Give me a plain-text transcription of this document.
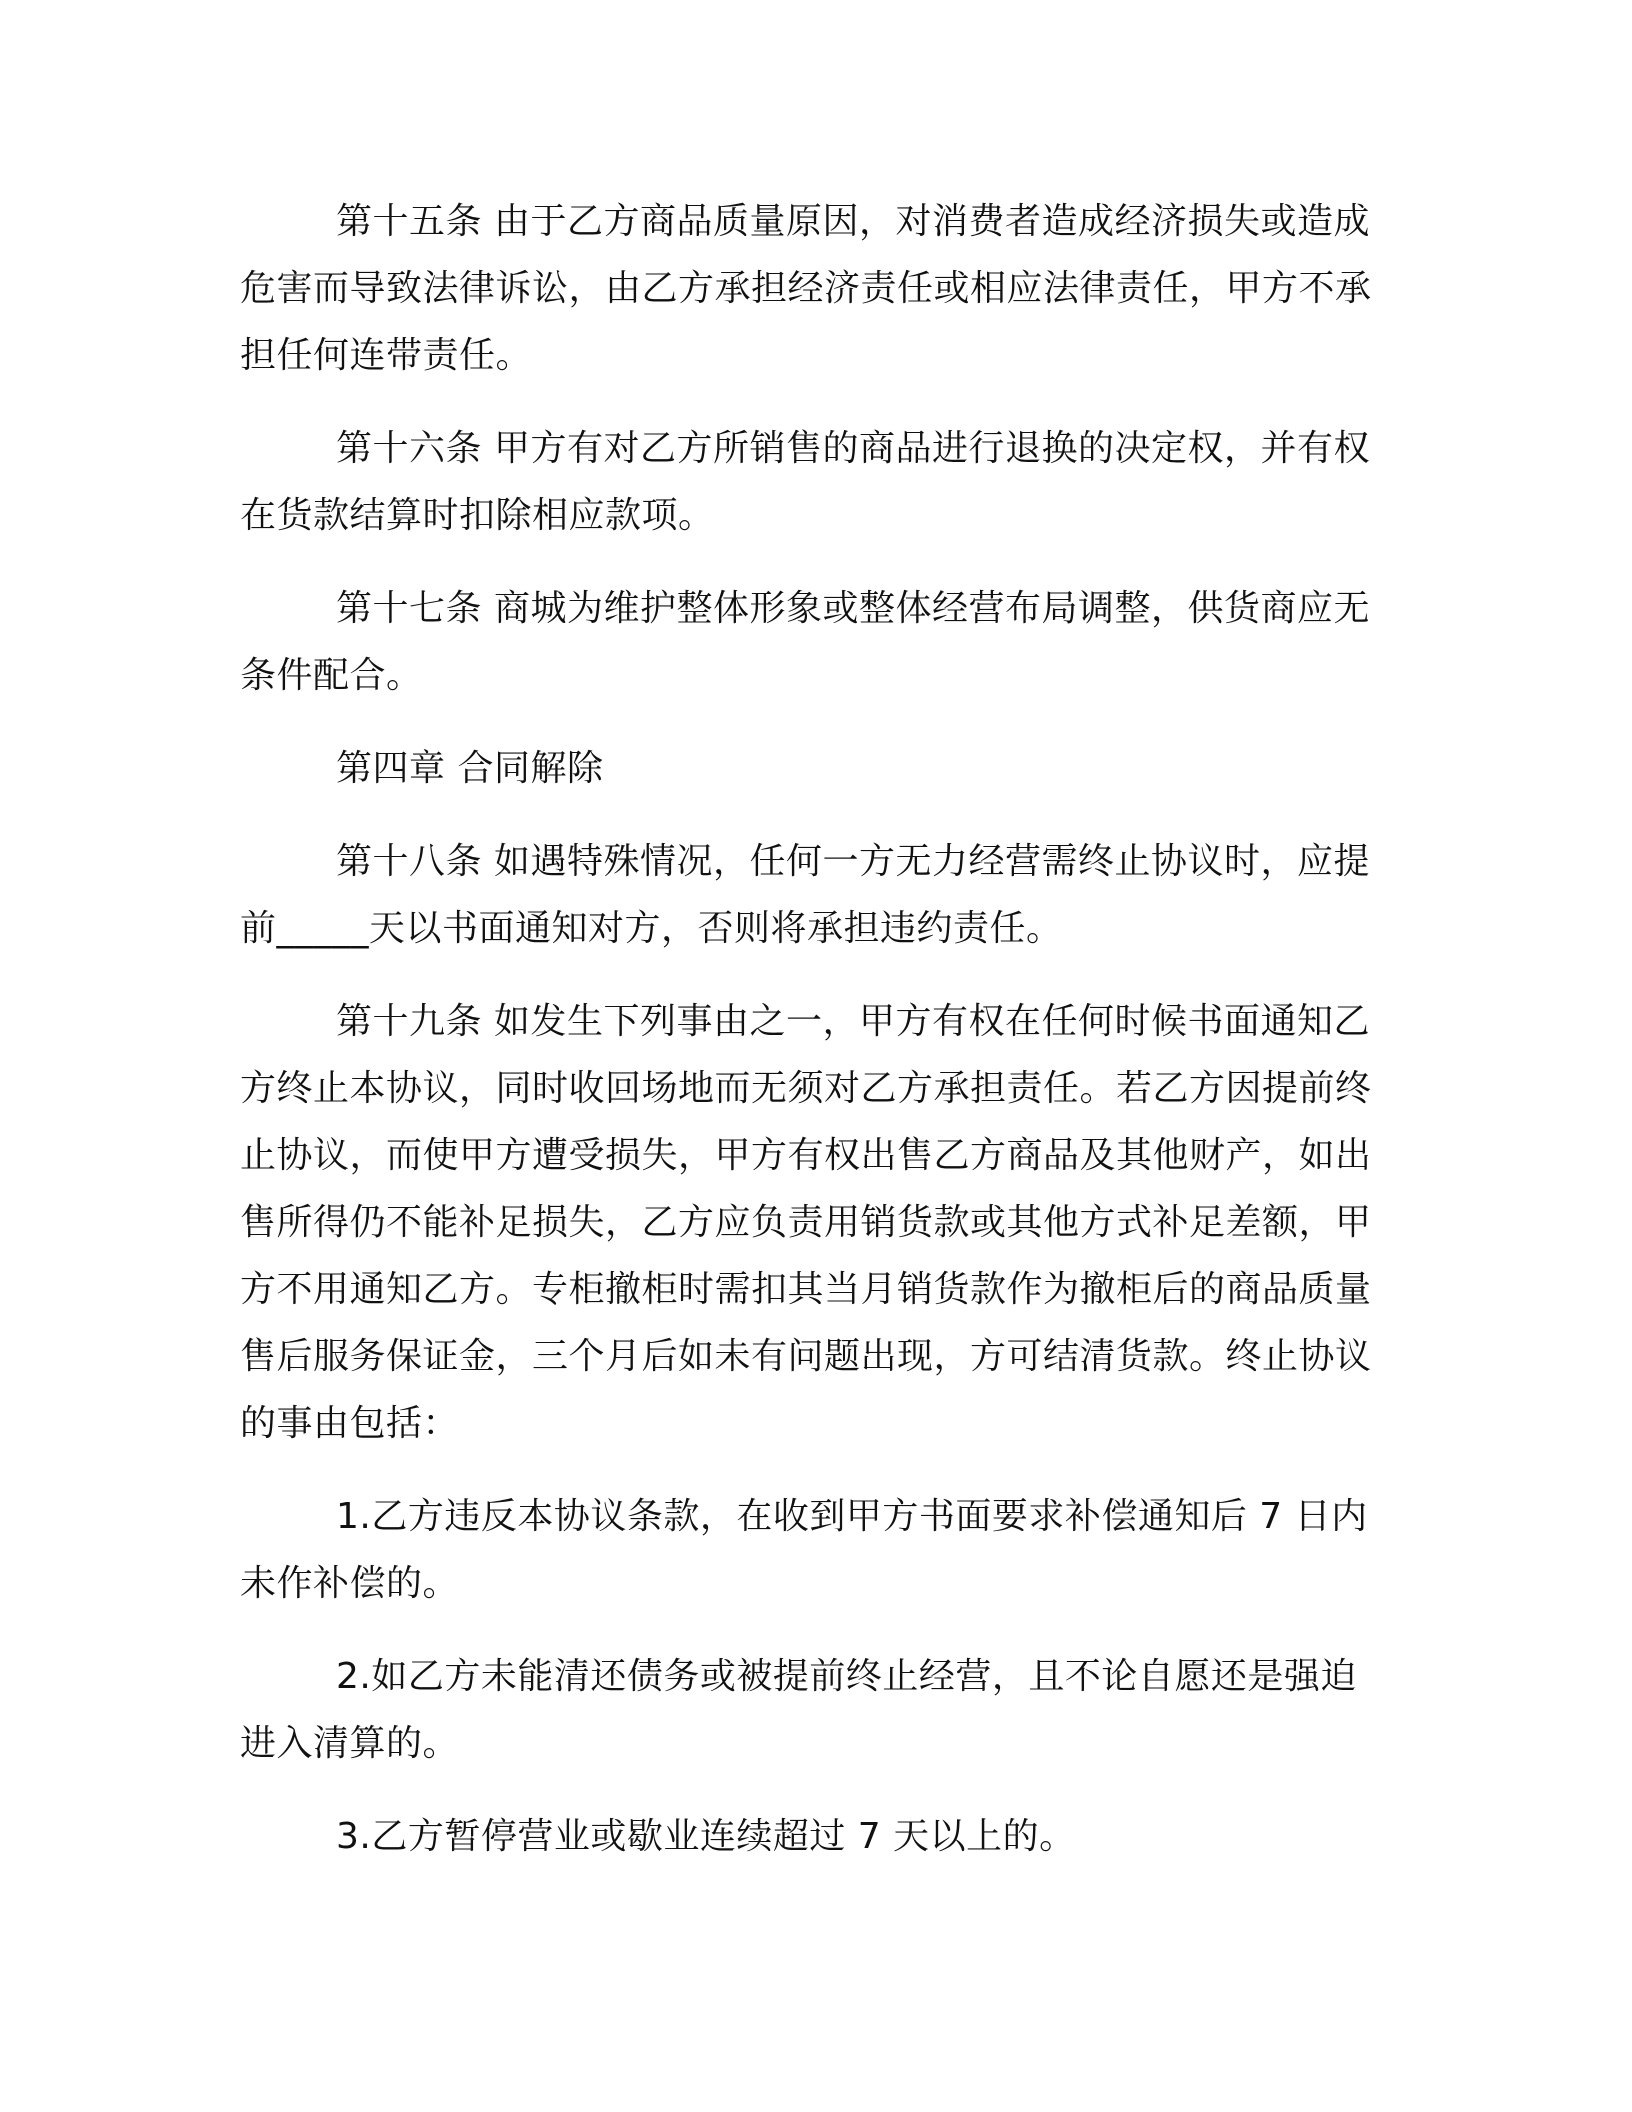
第十五条 由于乙方商品质量原因，对消费者造成经济损失或造成危害而导致法律诉讼，由乙方承担经济责任或相应法律责任，甲方不承担任何连带责任。

第十六条 甲方有对乙方所销售的商品进行退换的决定权，并有权在货款结算时扣除相应款项。

第十七条 商城为维护整体形象或整体经营布局调整，供货商应无条件配合。

第四章 合同解除

第十八条 如遇特殊情况，任何一方无力经营需终止协议时，应提前_____天以书面通知对方，否则将承担违约责任。

第十九条 如发生下列事由之一，甲方有权在任何时候书面通知乙方终止本协议，同时收回场地而无须对乙方承担责任。若乙方因提前终止协议，而使甲方遭受损失，甲方有权出售乙方商品及其他财产，如出售所得仍不能补足损失，乙方应负责用销货款或其他方式补足差额，甲方不用通知乙方。专柜撤柜时需扣其当月销货款作为撤柜后的商品质量售后服务保证金，三个月后如未有问题出现，方可结清货款。终止协议的事由包括：

1.乙方违反本协议条款，在收到甲方书面要求补偿通知后 7 日内未作补偿的。

2.如乙方未能清还债务或被提前终止经营，且不论自愿还是强迫进入清算的。

3.乙方暂停营业或歇业连续超过 7 天以上的。
